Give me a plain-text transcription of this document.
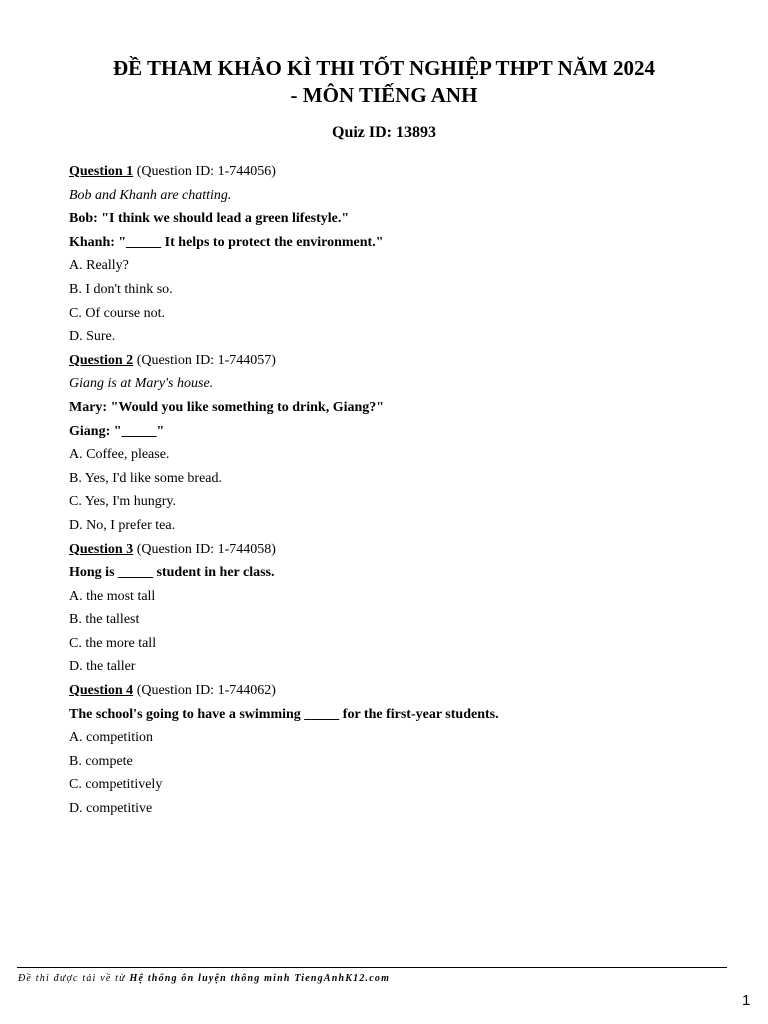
ĐỀ THAM KHẢO KÌ THI TỐT NGHIỆP THPT NĂM 2024
- MÔN TIẾNG ANH
Quiz ID: 13893
Question 1 (Question ID: 1-744056)
Bob and Khanh are chatting.
Bob: "I think we should lead a green lifestyle."
Khanh: "_____ It helps to protect the environment."
A. Really?
B. I don't think so.
C. Of course not.
D. Sure.
Question 2 (Question ID: 1-744057)
Giang is at Mary's house.
Mary: "Would you like something to drink, Giang?"
Giang: "_____"
A. Coffee, please.
B. Yes, I'd like some bread.
C. Yes, I'm hungry.
D. No, I prefer tea.
Question 3 (Question ID: 1-744058)
Hong is _____ student in her class.
A. the most tall
B. the tallest
C. the more tall
D. the taller
Question 4 (Question ID: 1-744062)
The school's going to have a swimming _____ for the first-year students.
A. competition
B. compete
C. competitively
D. competitive
Đề thi được tải về từ Hệ thống ôn luyện thông minh TiengAnhK12.com
1
